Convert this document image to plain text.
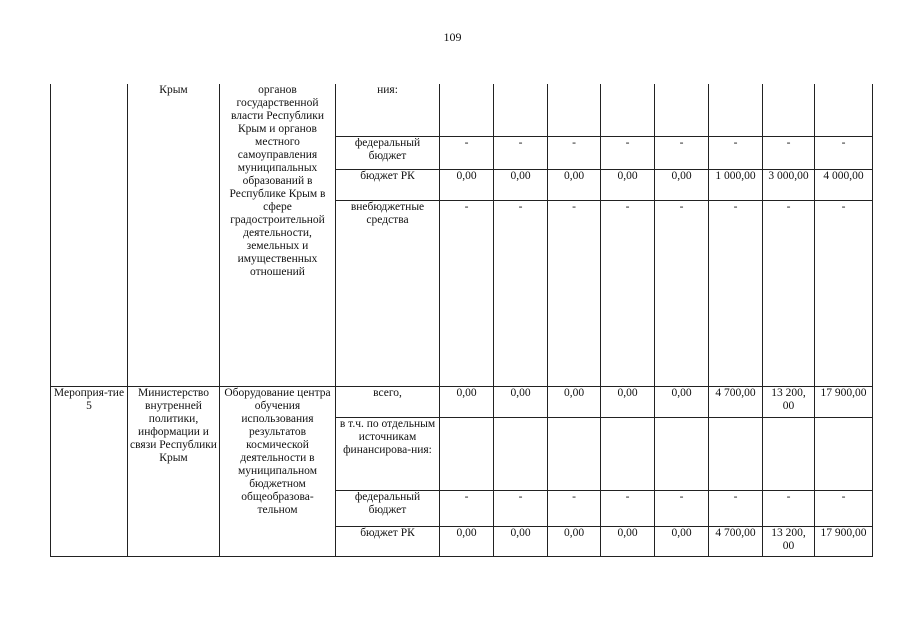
109
	Крым	органов государственной власти Республики Крым и органов местного самоуправления муниципальных образований в Республике Крым в сфере градостроительной деятельности, земельных и имущественных отношений	ния:								
			федеральный бюджет	-	-	-	-	-	-	-	-
			бюджет РК	0,00	0,00	0,00	0,00	0,00	1 000,00	3 000,00	4 000,00
			внебюджетные средства	-	-	-	-	-	-	-	-
Мероприя-тие 5	Министерство внутренней политики, информации и связи Республики Крым	Оборудование центра обучения использования результатов космической деятельности в муниципальном бюджетном общеобразова-тельном	всего,	0,00	0,00	0,00	0,00	0,00	4 700,00	13 200, 00	17 900,00
			в т.ч. по отдельным источникам финансирова-ния:								
			федеральный бюджет	-	-	-	-	-	-	-	-
			бюджет РК	0,00	0,00	0,00	0,00	0,00	4 700,00	13 200, 00	17 900,00
